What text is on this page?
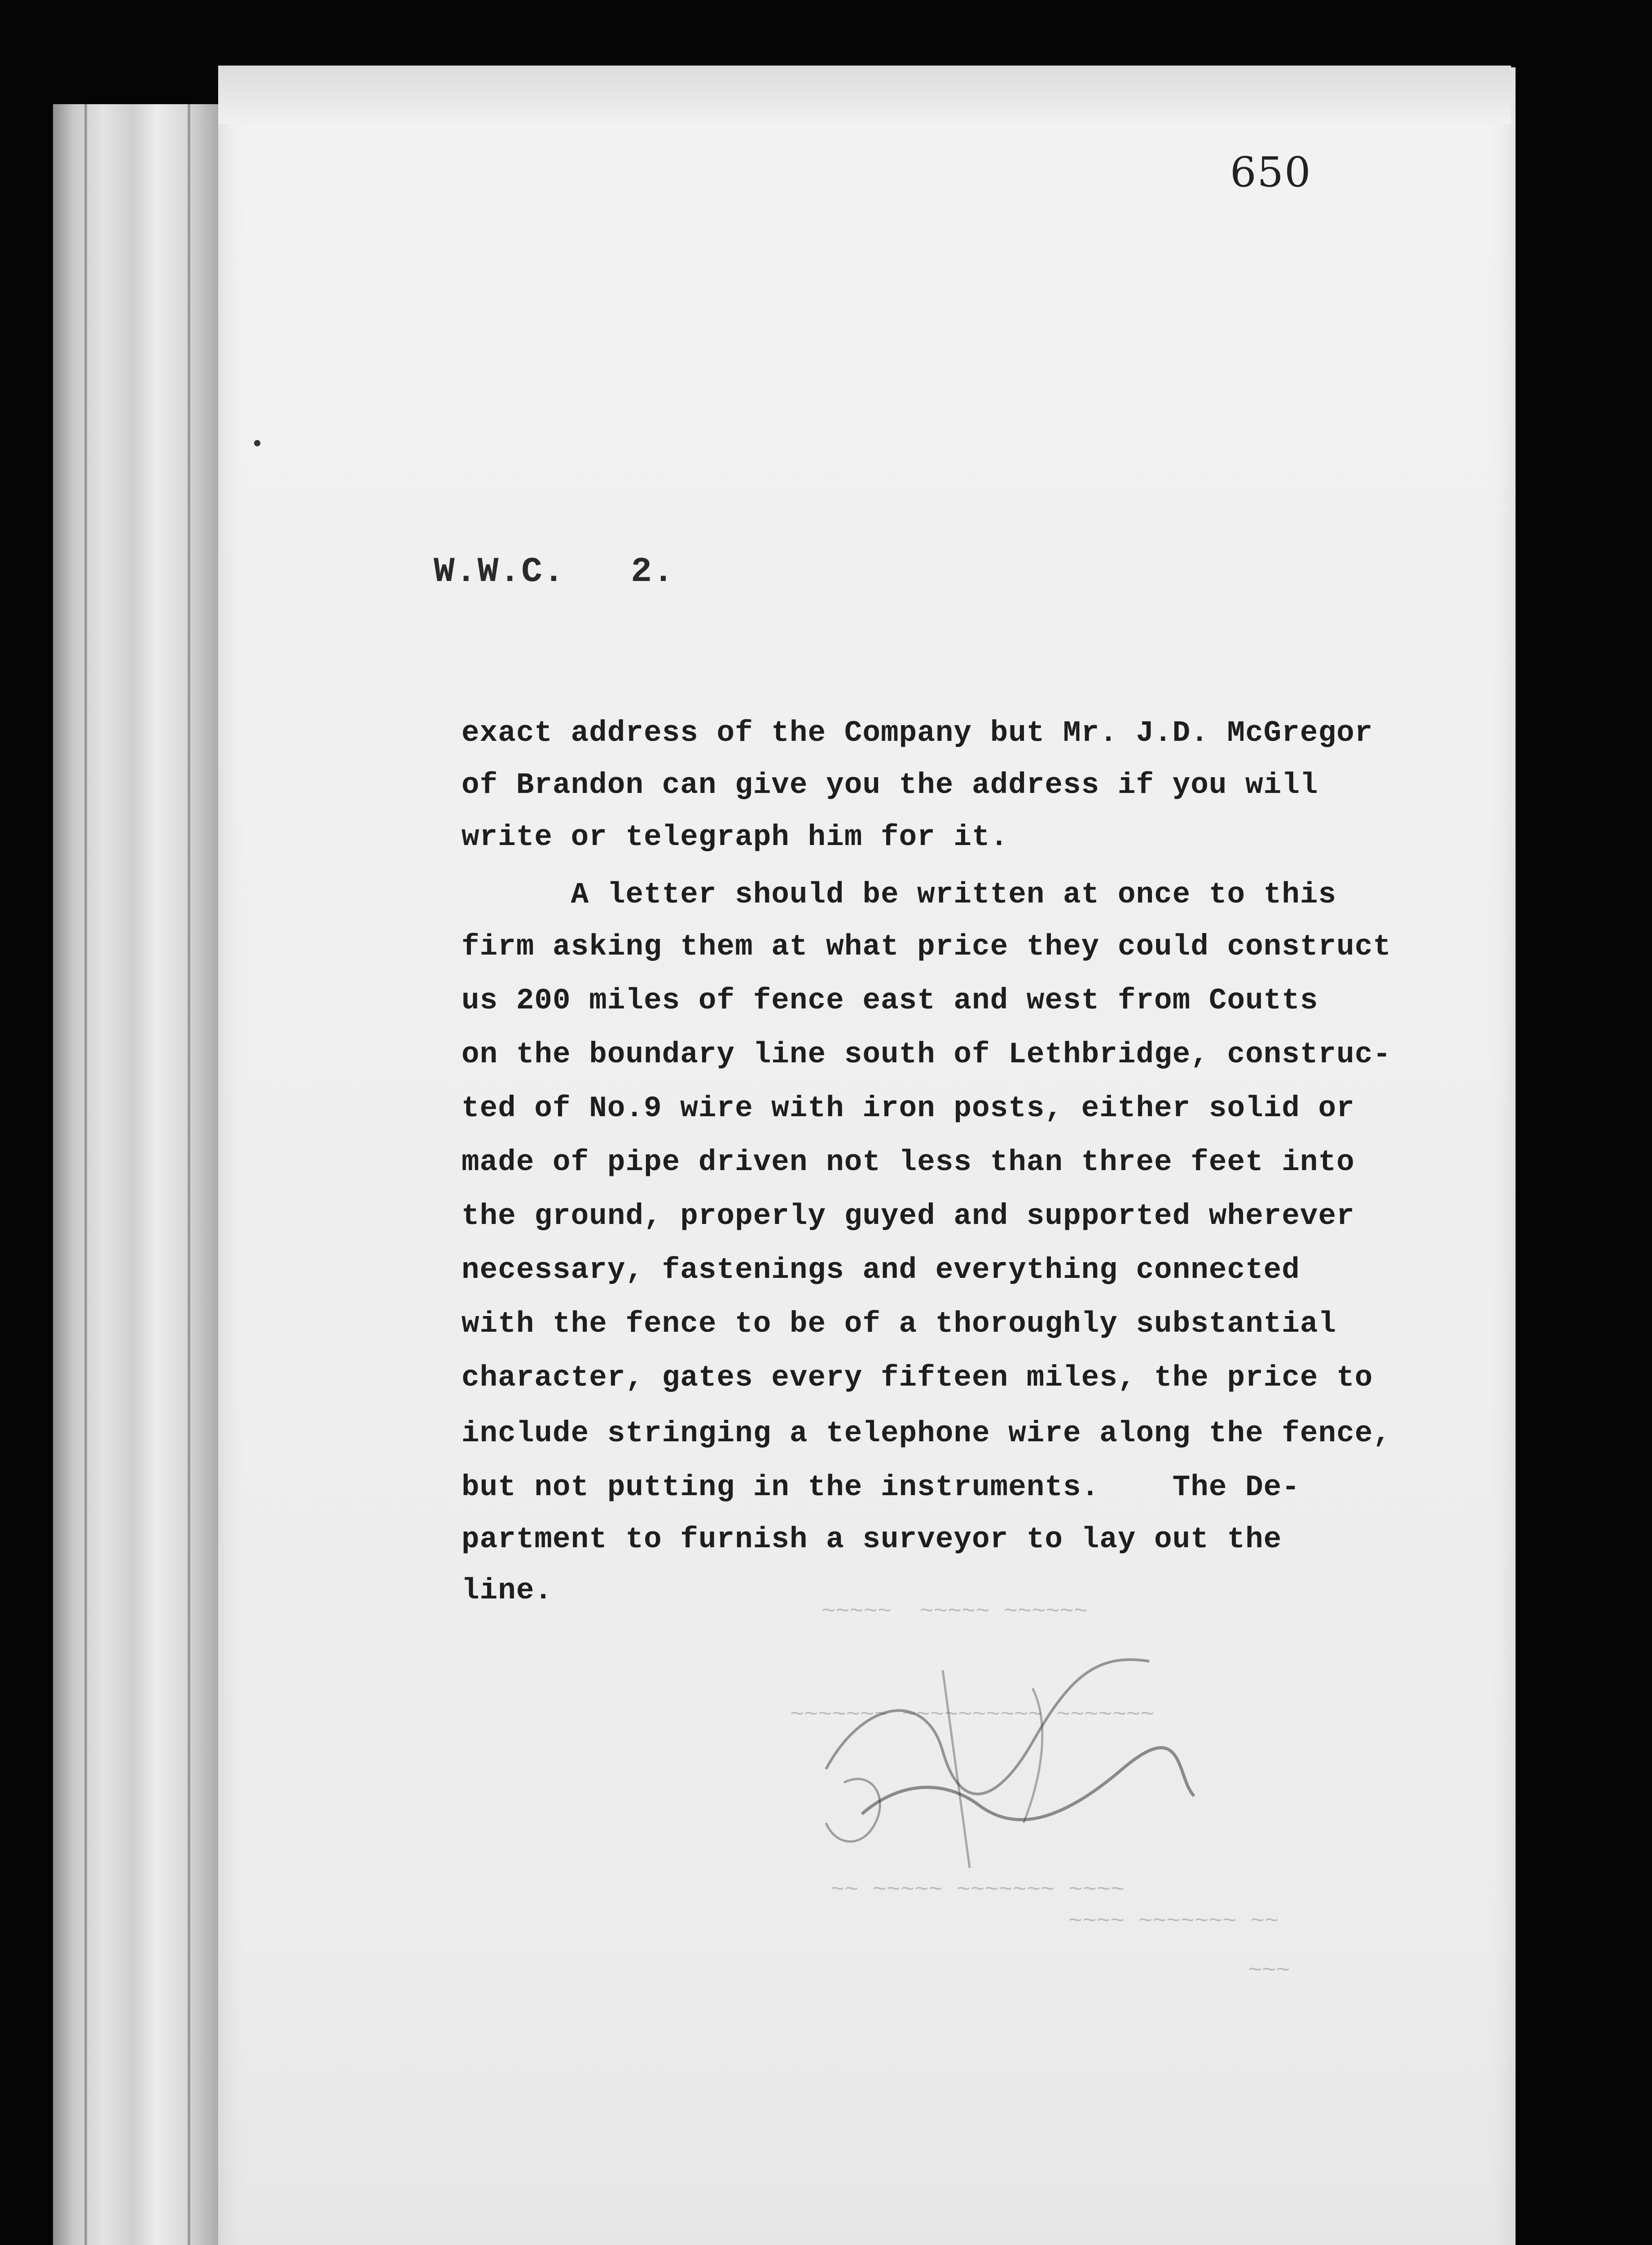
650
W.W.C.   2.
exact address of the Company but Mr. J.D. McGregor
of Brandon can give you the address if you will
write or telegraph him for it.
A letter should be written at once to this
firm asking them at what price they could construct
us 200 miles of fence east and west from Coutts
on the boundary line south of Lethbridge, construc-
ted of No.9 wire with iron posts, either solid or
made of pipe driven not less than three feet into
the ground, properly guyed and supported wherever
necessary, fastenings and everything connected
with the fence to be of a thoroughly substantial
character, gates every fifteen miles, the price to
include stringing a telephone wire along the fence,
but not putting in the instruments.    The De-
partment to furnish a surveyor to lay out the
line.
~~~~~  ~~~~~ ~~~~~~
~~~~~~~ ~~~~~~~~~~ ~~~~~~~
~~ ~~~~~ ~~~~~~~ ~~~~
~~~~ ~~~~~~~ ~~
~~~
